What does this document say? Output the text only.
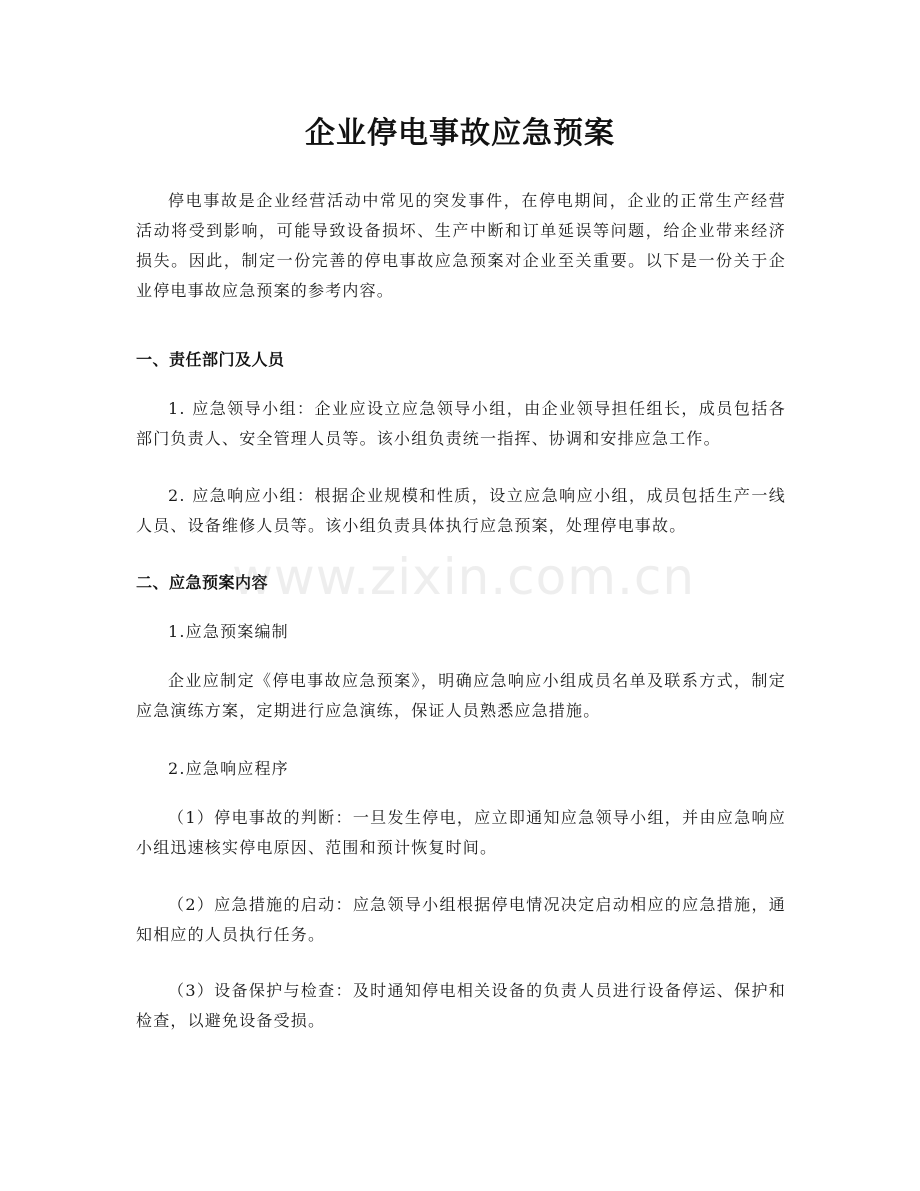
企业停电事故应急预案
停电事故是企业经营活动中常见的突发事件，在停电期间，企业的正常生产经营活动将受到影响，可能导致设备损坏、生产中断和订单延误等问题，给企业带来经济损失。因此，制定一份完善的停电事故应急预案对企业至关重要。以下是一份关于企业停电事故应急预案的参考内容。
一、责任部门及人员
1. 应急领导小组：企业应设立应急领导小组，由企业领导担任组长，成员包括各部门负责人、安全管理人员等。该小组负责统一指挥、协调和安排应急工作。
2. 应急响应小组：根据企业规模和性质，设立应急响应小组，成员包括生产一线人员、设备维修人员等。该小组负责具体执行应急预案，处理停电事故。
二、应急预案内容
1.应急预案编制
企业应制定《停电事故应急预案》，明确应急响应小组成员名单及联系方式，制定应急演练方案，定期进行应急演练，保证人员熟悉应急措施。
2.应急响应程序
（1）停电事故的判断：一旦发生停电，应立即通知应急领导小组，并由应急响应小组迅速核实停电原因、范围和预计恢复时间。
（2）应急措施的启动：应急领导小组根据停电情况决定启动相应的应急措施，通知相应的人员执行任务。
（3）设备保护与检查：及时通知停电相关设备的负责人员进行设备停运、保护和检查，以避免设备受损。
www.zixin.com.cn
